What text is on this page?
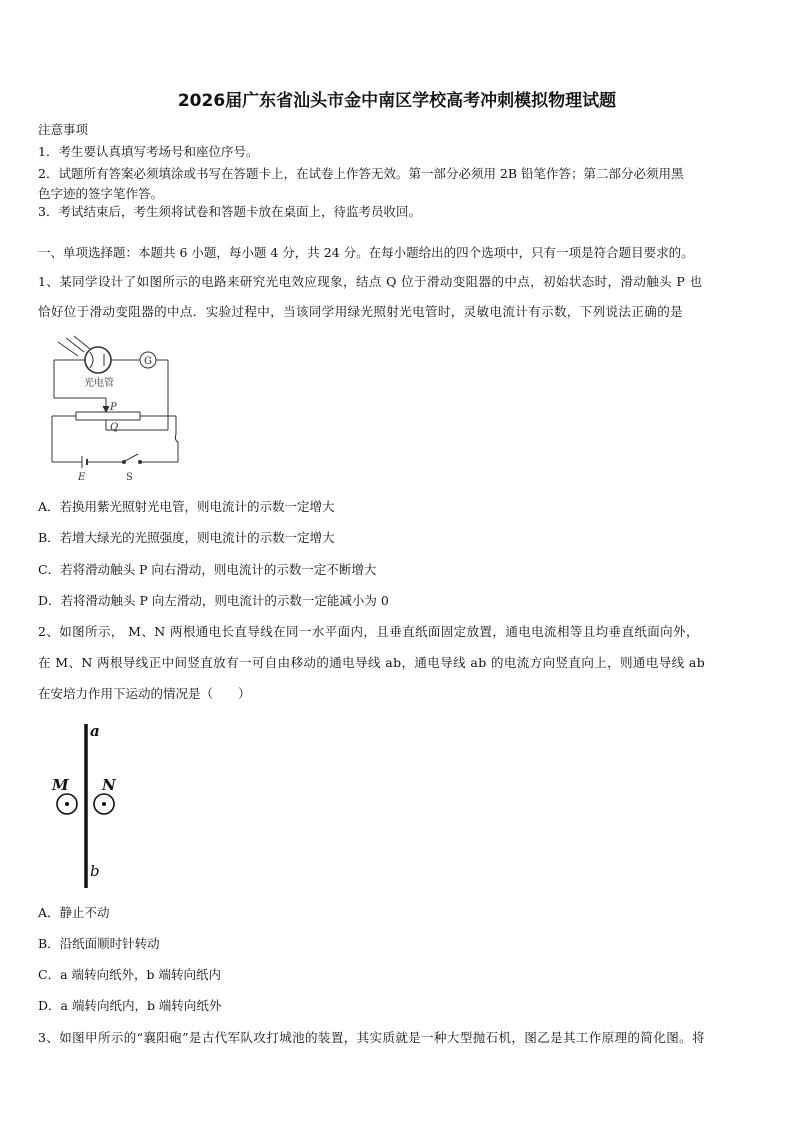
2026届广东省汕头市金中南区学校高考冲刺模拟物理试题
注意事项
1．考生要认真填写考场号和座位序号。
2．试题所有答案必须填涂或书写在答题卡上，在试卷上作答无效。第一部分必须用 2B 铅笔作答；第二部分必须用黑
色字迹的签字笔作答。
3．考试结束后，考生须将试卷和答题卡放在桌面上，待监考员收回。
一、单项选择题：本题共 6 小题，每小题 4 分，共 24 分。在每小题给出的四个选项中，只有一项是符合题目要求的。
1、某同学设计了如图所示的电路来研究光电效应现象，结点 Q 位于滑动变阻器的中点，初始状态时，滑动触头 P 也
恰好位于滑动变阻器的中点．实验过程中，当该同学用绿光照射光电管时，灵敏电流计有示数，下列说法正确的是
G
光电管
P
Q
E	S
A．若换用紫光照射光电管，则电流计的示数一定增大
B．若增大绿光的光照强度，则电流计的示数一定增大
C．若将滑动触头 P 向右滑动，则电流计的示数一定不断增大
D．若将滑动触头 P 向左滑动，则电流计的示数一定能减小为 0
2、如图所示， M、N 两根通电长直导线在同一水平面内，且垂直纸面固定放置，通电电流相等且均垂直纸面向外，
在 M、N 两根导线正中间竖直放有一可自由移动的通电导线 ab，通电导线 ab 的电流方向竖直向上，则通电导线 ab
在安培力作用下运动的情况是（　　）
a
b
M N
A．静止不动
B．沿纸面顺时针转动
C．a 端转向纸外，b 端转向纸内
D．a 端转向纸内，b 端转向纸外
3、如图甲所示的“襄阳砲”是古代军队攻打城池的装置，其实质就是一种大型抛石机，图乙是其工作原理的简化图。将
